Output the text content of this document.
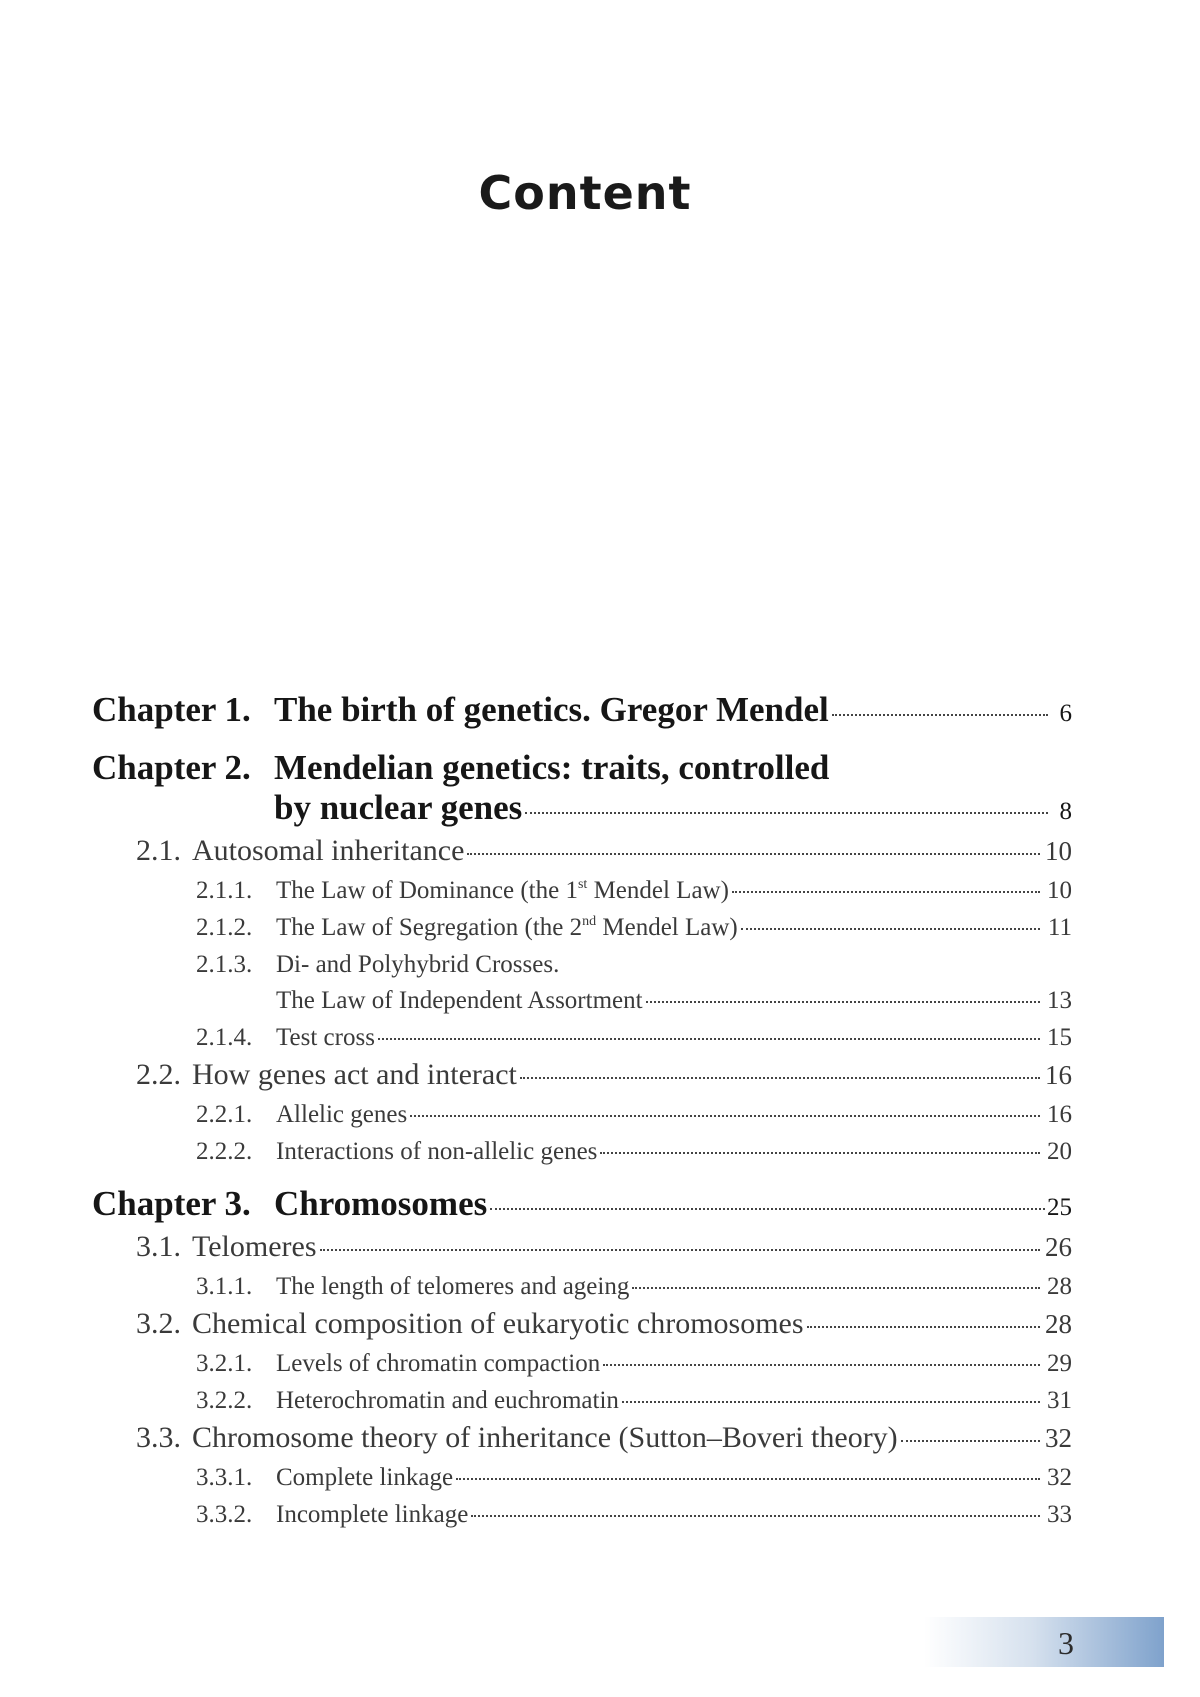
Content
Chapter 1. The birth of genetics. Gregor Mendel	6
Chapter 2. Mendelian genetics: traits, controlled
by nuclear genes	8
2.1. Autosomal inheritance	10
2.1.1. The Law of Dominance (the 1st Mendel Law)	10
2.1.2. The Law of Segregation (the 2nd Mendel Law)	11
2.1.3. Di- and Polyhybrid Crosses.
The Law of Independent Assortment	13
2.1.4. Test cross	15
2.2. How genes act and interact	16
2.2.1. Allelic genes	16
2.2.2. Interactions of non-allelic genes	20
Chapter 3. Chromosomes	25
3.1. Telomeres	26
3.1.1. The length of telomeres and ageing	28
3.2. Chemical composition of eukaryotic chromosomes	28
3.2.1. Levels of chromatin compaction	29
3.2.2. Heterochromatin and euchromatin	31
3.3. Chromosome theory of inheritance (Sutton–Boveri theory)	32
3.3.1. Complete linkage	32
3.3.2. Incomplete linkage	33
3
